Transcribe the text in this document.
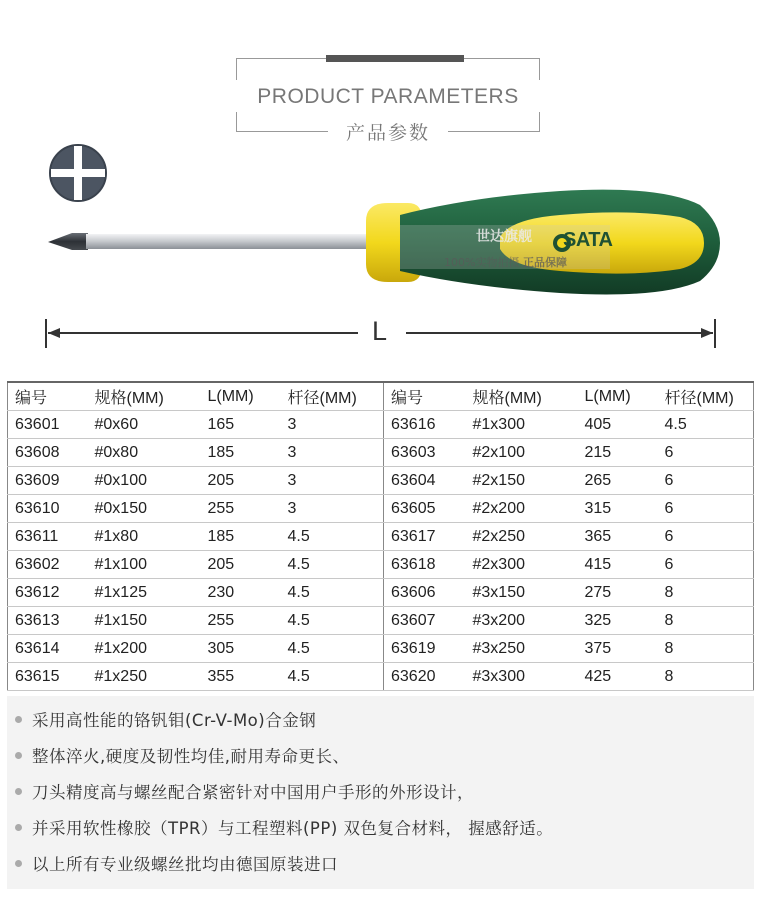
PRODUCT PARAMETERS
产品参数
世达旗舰
100%实物拍摄 正品保障
SATA
L
编号	规格(MM)	L(MM)	杆径(MM)
63601	#0x60	165	3
63608	#0x80	185	3
63609	#0x100	205	3
63610	#0x150	255	3
63611	#1x80	185	4.5
63602	#1x100	205	4.5
63612	#1x125	230	4.5
63613	#1x150	255	4.5
63614	#1x200	305	4.5
63615	#1x250	355	4.5
编号	规格(MM)	L(MM)	杆径(MM)
63616	#1x300	405	4.5
63603	#2x100	215	6
63604	#2x150	265	6
63605	#2x200	315	6
63617	#2x250	365	6
63618	#2x300	415	6
63606	#3x150	275	8
63607	#3x200	325	8
63619	#3x250	375	8
63620	#3x300	425	8
采用高性能的铬钒钼(Cr-V-Mo)合金钢
整体淬火,硬度及韧性均佳,耐用寿命更长、
刀头精度高与螺丝配合紧密针对中国用户手形的外形设计，
并采用软性橡胶（TPR）与工程塑料(PP) 双色复合材料， 握感舒适。
以上所有专业级螺丝批均由德国原装进口
